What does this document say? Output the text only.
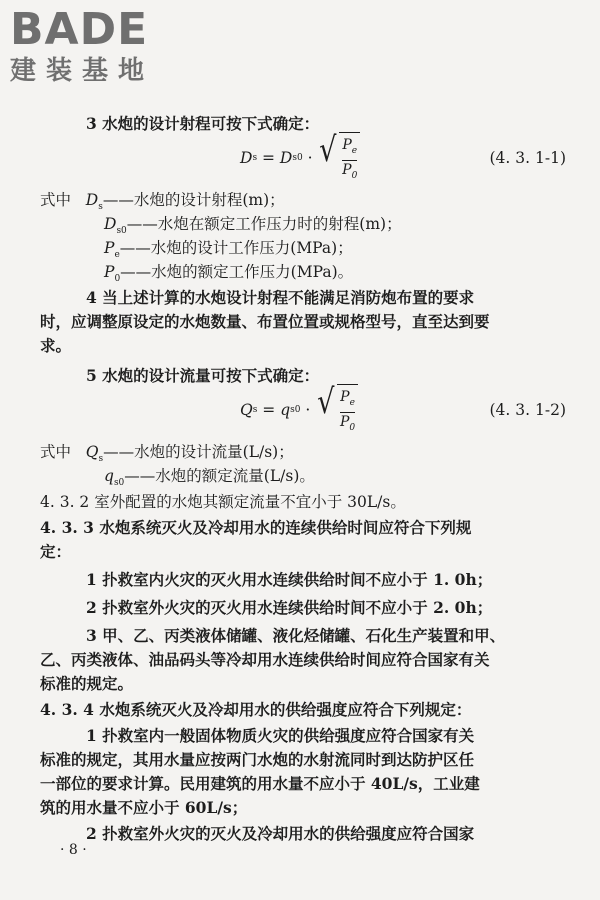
BADE
建装基地
3 水炮的设计射程可按下式确定：
D s = D s0 · √ $\frac{P_e}{P_0}$	(4. 3. 1-1)
式中 $D_s——$水炮的设计射程(m)；
$D_{s0}——$水炮在额定工作压力时的射程(m)；
$P_e——$水炮的设计工作压力(MPa)；
$P_0——$水炮的额定工作压力(MPa)。
4 当上述计算的水炮设计射程不能满足消防炮布置的要求
时，应调整原设定的水炮数量、布置位置或规格型号，直至达到要
求。
5 水炮的设计流量可按下式确定：
Q s = q s0 · √ $\frac{P_e}{P_0}$	(4. 3. 1-2)
式中 $Q_s——$水炮的设计流量(L/s)；
$q_{s0}——$水炮的额定流量(L/s)。
4. 3. 2 室外配置的水炮其额定流量不宜小于 30L/s。
4. 3. 3 水炮系统灭火及冷却用水的连续供给时间应符合下列规
定：
1 扑救室内火灾的灭火用水连续供给时间不应小于 1. 0h；
2 扑救室外火灾的灭火用水连续供给时间不应小于 2. 0h；
3 甲、乙、丙类液体储罐、液化烃储罐、石化生产装置和甲、
乙、丙类液体、油品码头等冷却用水连续供给时间应符合国家有关
标准的规定。
4. 3. 4 水炮系统灭火及冷却用水的供给强度应符合下列规定：
1 扑救室内一般固体物质火灾的供给强度应符合国家有关
标准的规定，其用水量应按两门水炮的水射流同时到达防护区任
一部位的要求计算。民用建筑的用水量不应小于 40L/s，工业建
筑的用水量不应小于 60L/s；
2 扑救室外火灾的灭火及冷却用水的供给强度应符合国家
· 8 ·
